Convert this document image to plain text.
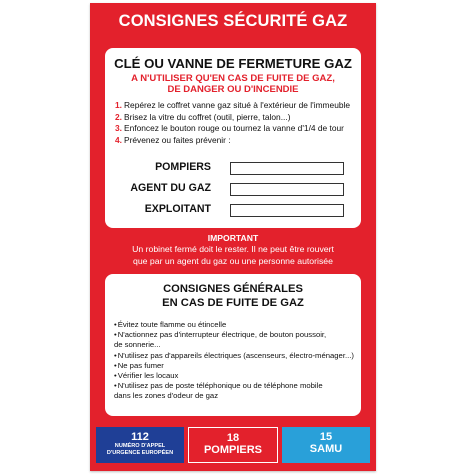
CONSIGNES SÉCURITÉ GAZ
CLÉ OU VANNE DE FERMETURE GAZ
A N'UTILISER QU'EN CAS DE FUITE DE GAZ,
DE DANGER OU D'INCENDIE
1. Repérez le coffret vanne gaz situé à l'extérieur de l'immeuble
2. Brisez la vitre du coffret (outil, pierre, talon...)
3. Enfoncez le bouton rouge ou tournez la vanne d'1/4 de tour
4. Prévenez ou faites prévenir :
POMPIERS
AGENT DU GAZ
EXPLOITANT
IMPORTANT
Un robinet fermé doit le rester. Il ne peut être rouvert
que par un agent du gaz ou une personne autorisée
CONSIGNES GÉNÉRALES
EN CAS DE FUITE DE GAZ
•Évitez toute flamme ou étincelle
•N'actionnez pas d'interrupteur électrique, de bouton poussoir,
de sonnerie...
•N'utilisez pas d'appareils électriques (ascenseurs, électro-ménager...)
•Ne pas fumer
•Vérifier les locaux
•N'utilisez pas de poste téléphonique ou de téléphone mobile
dans les zones d'odeur de gaz
112
NUMÉRO D'APPEL
D'URGENCE EUROPÉEN
18
POMPIERS
15
SAMU
